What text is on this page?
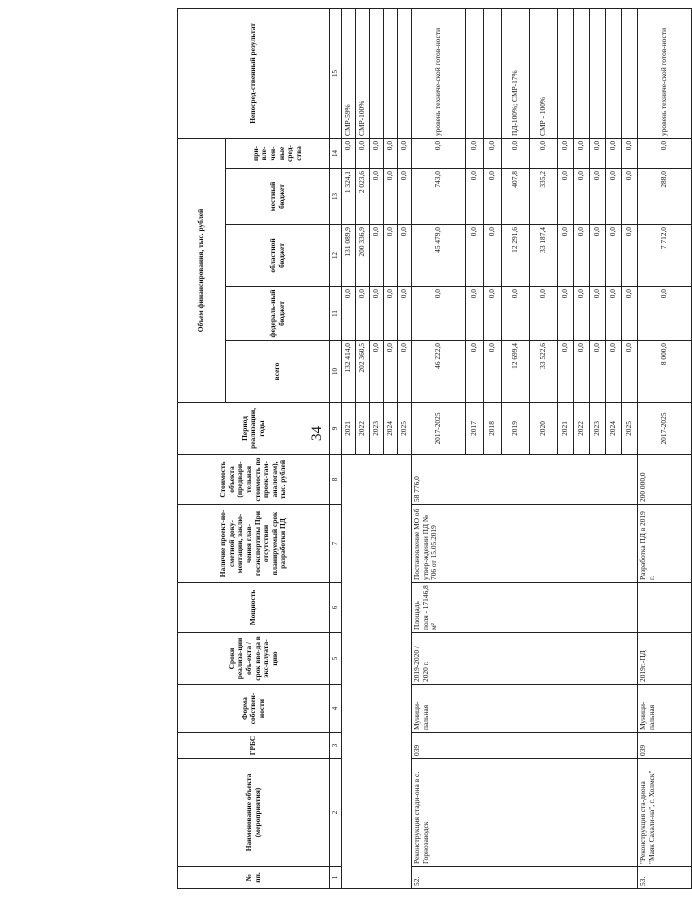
34
№ пп.	Наименование объекта (мероприятия)	ГРБС	Форма собствен-ности	Сроки реализа-ции объ-екта / срок вво-да в экс-плуата-цию	Мощность	Наличие проект-но-сметной доку-ментации, заклю-чения глав-госэкспертизы При отсутствии планируемый срок разработки ПД	Стоимость объекта (предвари-тельная стоимость по проек-там-аналогам), тыс. рублей	Период реализации, годы	Объем финансирования, тыс. рублей					Непосред-ственный результат
									всего	федераль-ный бюджет	областной бюджет	местный бюджет	при-вле-чен-ные сред-ства	
1	2	3	4	5	6	7	8	9	10	11	12	13	14	15
								2021	132 414,0	0,0	131 089,9	1 324,1	0,0	СМР-59%
								2022	202 360,5	0,0	200 336,9	2 023,6	0,0	СМР-100%
								2023	0,0	0,0	0,0	0,0	0,0	
								2024	0,0	0,0	0,0	0,0	0,0	
								2025	0,0	0,0	0,0	0,0	0,0	
52.	Реконструкция стади-она в с. Горнозаводск	039	Муници-пальная	2019-2020 / 2020 г.	Площадь поля - 17146,8 м²	Постановление МО об утвер-ждении ПД № 706 от 15.05.2019	58 776,0	2017-2025	46 222,0	0,0	45 479,0	743,0	0,0	уровень техниче-ской готов-ности
								2017	0,0	0,0	0,0	0,0	0,0	
								2018	0,0	0,0	0,0	0,0	0,0	
								2019	12 699,4	0,0	12 291,6	407,8	0,0	ПД-100%; СМР-17%
								2020	33 522,6	0,0	33 187,4	335,2	0,0	СМР - 100%
								2021	0,0	0,0	0,0	0,0	0,0	
								2022	0,0	0,0	0,0	0,0	0,0	
								2023	0,0	0,0	0,0	0,0	0,0	
								2024	0,0	0,0	0,0	0,0	0,0	
								2025	0,0	0,0	0,0	0,0	0,0	
53.	"Реконструкция ста-диона "Маяк Сахали-на", г. Холмск"	039	Муници-пальная	2019г.-ПД		Разработка ПД в 2019 г.	200 000,0	2017-2025	8 000,0	0,0	7 712,0	288,0	0,0	уровень техниче-ской готов-ности
